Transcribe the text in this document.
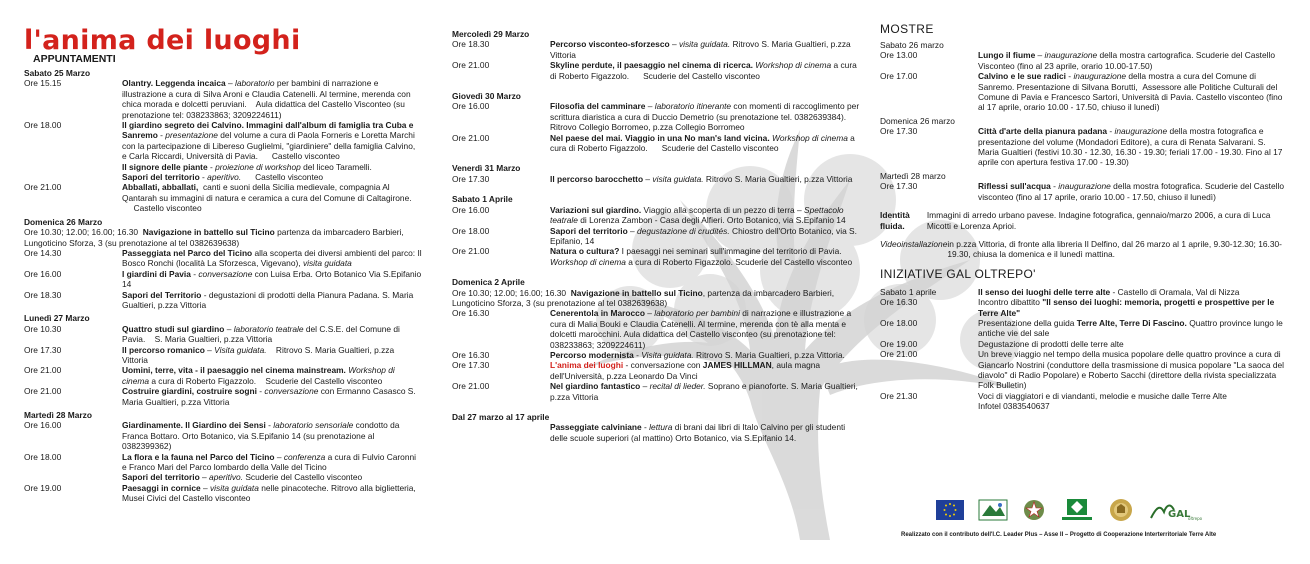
l'anima dei luoghi
APPUNTAMENTI
Sabato 25 Marzo
Ore 15.15	Olantry. Leggenda incaica – laboratorio per bambini di narrazione e illustrazione a cura di Silva Aroni e Claudia Catenelli. Al termine, merenda con chica morada e dolcetti peruviani.    Aula didattica del Castello Visconteo (su prenotazione tel: 038233863; 3209224611)
Ore 18.00	Il giardino segreto dei Calvino. Immagini dall'album di famiglia tra Cuba e Sanremo - presentazione del volume a cura di Paola Forneris e Loretta Marchi con la partecipazione di Libereso Guglielmi, "giardiniere" della famiglia Calvino, e Carla Riccardi, Università di Pavia.      Castello visconteo
Il signore delle piante - proiezione di workshop del liceo Taramelli.
Sapori del territorio - aperitivo.      Castello visconteo
Ore 21.00	Abballati, abballati,  canti e suoni della Sicilia medievale, compagnia Al Qantarah su immagini di natura e ceramica a cura del Comune di Caltagirone.      Castello visconteo
Domenica 26 Marzo
Ore 10.30; 12.00; 16.00; 16.30 Navigazione in battello sul Ticino partenza da imbarcadero Barbieri, Lungoticino Sforza, 3 (su prenotazione al tel 0382639638)
Ore 14.30	Passeggiata nel Parco del Ticino alla scoperta dei diversi ambienti del parco: Il Bosco Ronchi (località La Sforzesca, Vigevano), visita guidata
Ore 16.00	I giardini di Pavia - conversazione con Luisa Erba. Orto Botanico Via S.Epifanio 14
Ore 18.30	Sapori del Territorio - degustazioni di prodotti della Pianura Padana. S. Maria Gualtieri, p.zza Vittoria
Lunedì 27 Marzo
Ore 10.30	Quattro studi sul giardino – laboratorio teatrale del C.S.E. del Comune di Pavia.    S. Maria Gualtieri, p.zza Vittoria
Ore 17.30	Il percorso romanico – Visita guidata.    Ritrovo S. Maria Gualtieri, p.zza Vittoria
Ore 21.00	Uomini, terre, vita - il paesaggio nel cinema mainstream. Workshop di cinema a cura di Roberto Figazzolo.    Scuderie del Castello visconteo
Ore 21.00	Costruire giardini, costruire sogni - conversazione con Ermanno Casasco S. Maria Gualtieri, p.zza Vittoria
Martedì 28 Marzo
Ore 16.00	Giardinamente. Il Giardino dei Sensi - laboratorio sensoriale condotto da Franca Bottaro. Orto Botanico, via S.Epifanio 14 (su prenotazione al 0382399362)
Ore 18.00	La flora e la fauna nel Parco del Ticino – conferenza a cura di Fulvio Caronni e Franco Mari del Parco lombardo della Valle del Ticino
Sapori del territorio – aperitivo. Scuderie del Castello visconteo
Ore 19.00	Paesaggi in cornice – visita guidata nelle pinacoteche. Ritrovo alla biglietteria, Musei Civici del Castello visconteo
Mercoledì 29 Marzo
Ore 18.30	Percorso visconteo-sforzesco – visita guidata. Ritrovo S. Maria Gualtieri, p.zza Vittoria
Ore 21.00	Skyline perdute, il paesaggio nel cinema di ricerca. Workshop di cinema a cura di Roberto Figazzolo.      Scuderie del Castello visconteo
Giovedì 30 Marzo
Ore 16.00	Filosofia del camminare – laboratorio itinerante con momenti di raccoglimento per scrittura diaristica a cura di Duccio Demetrio (su prenotazione tel. 0382639384). Ritrovo Collegio Borromeo, p.zza Collegio Borromeo
Ore 21.00	Nel paese del mai. Viaggio in una No man's land vicina. Workshop di cinema a cura di Roberto Figazzolo.      Scuderie del Castello visconteo
Venerdì 31 Marzo
Ore 17.30	Il percorso barocchetto – visita guidata. Ritrovo S. Maria Gualtieri, p.zza Vittoria
Sabato 1 Aprile
Ore 16.00	Variazioni sul giardino. Viaggio alla scoperta di un pezzo di terra – Spettacolo teatrale di Lorenza Zambon - Casa degli Alfieri. Orto Botanico, via S.Epifanio 14
Ore 18.00	Sapori del territorio – degustazione di crudités. Chiostro dell'Orto Botanico, via S. Epifanio, 14
Ore 21.00	Natura o cultura? I paesaggi nei seminari sull'immagine del territorio di Pavia. Workshop di cinema a cura di Roberto Figazzolo. Scuderie del Castello visconteo
Domenica 2 Aprile
Ore 10.30; 12.00; 16.00; 16.30 Navigazione in battello sul Ticino, partenza da imbarcadero Barbieri, Lungoticino Sforza, 3 (su prenotazione al tel 0382639638)
Ore 16.30	Cenerentola in Marocco – laboratorio per bambini di narrazione e illustrazione a cura di Malia Bouki e Claudia Catenelli. Al termine, merenda con tè alla menta e dolcetti marocchini. Aula didattica del Castello visconteo (su prenotazione tel: 038233863; 3209224611)
Ore 16.30	Percorso modernista - Visita guidata. Ritrovo S. Maria Gualtieri, p.zza Vittoria.
Ore 17.30	L'anima dei luoghi - conversazione con JAMES HILLMAN, aula magna dell'Università, p.zza Leonardo Da Vinci
Ore 21.00	Nel giardino fantastico – recital di lieder. Soprano e pianoforte. S. Maria Gualtieri, p.zza Vittoria
Dal 27 marzo al 17 aprile
Passeggiate calviniane - lettura di brani dai libri di Italo Calvino per gli studenti delle scuole superiori (al mattino) Orto Botanico, via S.Epifanio 14.
MOSTRE
Sabato 26 marzo
Ore 13.00	Lungo il fiume – inaugurazione della mostra cartografica. Scuderie del Castello Visconteo (fino al 23 aprile, orario 10.00-17.50)
Ore 17.00	Calvino e le sue radici - inaugurazione della mostra a cura del Comune di Sanremo. Presentazione di Silvana Borutti,  Assessore alle Politiche Culturali del Comune di Pavia e Francesco Sartori, Università di Pavia. Castello visconteo (fino al 17 aprile, orario 10.00 - 17.50, chiuso il lunedì)
Domenica 26 marzo
Ore 17.30	Città d'arte della pianura padana - inaugurazione della mostra fotografica e presentazione del volume (Mondadori Editore), a cura di Renata Salvarani. S. Maria Gualtieri (festivi 10.30 - 12.30, 16.30 - 19.30; feriali 17.00 - 19.30. Fino al 17 aprile con apertura festiva 17.00 - 19.30)
Martedì 28 marzo
Ore 17.30	Riflessi sull'acqua - inaugurazione della mostra fotografica. Scuderie del Castello visconteo (fino al 17 aprile, orario 10.00 - 17.50, chiuso il lunedì)
Identità fluida.
Immagini di arredo urbano pavese. Indagine fotografica, gennaio/marzo 2006, a cura di Luca Micotti e Lorenza Aprioi.
Videoinstallazione in p.zza Vittoria, di fronte alla libreria Il Delfino, dal 26 marzo al 1 aprile, 9.30-12.30; 16.30-19.30, chiusa la domenica e il lunedì mattina.
INIZIATIVE GAL OLTREPO'
Sabato 1 aprile	Il senso dei luoghi delle terre alte - Castello di Oramala, Val di Nizza
Ore 16.30	Incontro dibattito "Il senso dei luoghi: memoria, progetti e prospettive per le Terre Alte"
Ore 18.00	Presentazione della guida Terre Alte, Terre Di Fascino. Quattro province lungo le antiche vie del sale
Ore 19.00	Degustazione di prodotti delle terre alte
Ore 21.00	Un breve viaggio nel tempo della musica popolare delle quattro province a cura di Giancarlo Nostrini (conduttore della trasmissione di musica popolare "La saoca del diavolo" di Radio Popolare) e Roberto Sacchi (direttore della rivista specializzata Folk Bulletin)
Ore 21.30	Voci di viaggiatori e di viandanti, melodie e musiche dalle Terre Alte
Infotel 0383540637
GAL
oltrepo
Realizzato con il contributo dell'I.C. Leader Plus – Asse II – Progetto di Cooperazione Interterritoriale Terre Alte
